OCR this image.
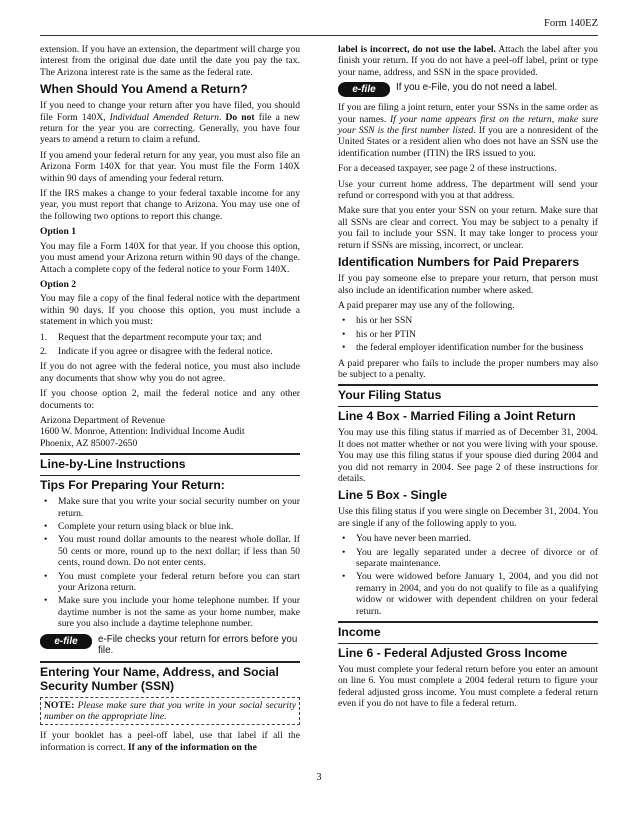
Form 140EZ

extension. If you have an extension, the department will charge you interest from the original due date until the date you pay the tax. The Arizona interest rate is the same as the federal rate.

When Should You Amend a Return?

If you need to change your return after you have filed, you should file Form 140X, Individual Amended Return. Do not file a new return for the year you are correcting. Generally, you have four years to amend a return to claim a refund.

If you amend your federal return for any year, you must also file an Arizona Form 140X for that year. You must file the Form 140X within 90 days of amending your federal return.

If the IRS makes a change to your federal taxable income for any year, you must report that change to Arizona. You may use one of the following two options to report this change.

Option 1

You may file a Form 140X for that year. If you choose this option, you must amend your Arizona return within 90 days of the change. Attach a complete copy of the federal notice to your Form 140X.

Option 2

You may file a copy of the final federal notice with the department within 90 days. If you choose this option, you must include a statement in which you must:

1. Request that the department recompute your tax; and
2. Indicate if you agree or disagree with the federal notice.

If you do not agree with the federal notice, you must also include any documents that show why you do not agree.

If you choose option 2, mail the federal notice and any other documents to:

Arizona Department of Revenue
1600 W. Monroe, Attention: Individual Income Audit
Phoenix, AZ 85007-2650
Line-by-Line Instructions
Tips For Preparing Your Return:
• Make sure that you write your social security number on your return.
• Complete your return using black or blue ink.
• You must round dollar amounts to the nearest whole dollar. If 50 cents or more, round up to the next dollar; if less than 50 cents, round down. Do not enter cents.
• You must complete your federal return before you can start your Arizona return.
• Make sure you include your home telephone number. If your daytime number is not the same as your home number, make sure you also include a daytime telephone number.
e-file	e-File checks your return for errors before you file.
Entering Your Name, Address, and Social Security Number (SSN)
NOTE: Please make sure that you write in your social security number on the appropriate line.

If your booklet has a peel-off label, use that label if all the information is correct. If any of the information on the

label is incorrect, do not use the label. Attach the label after you finish your return. If you do not have a peel-off label, print or type your name, address, and SSN in the space provided.

e-file	If you e-File, you do not need a label.

If you are filing a joint return, enter your SSNs in the same order as your names. If your name appears first on the return, make sure your SSN is the first number listed. If you are a nonresident of the United States or a resident alien who does not have an SSN use the identification number (ITIN) the IRS issued to you.

For a deceased taxpayer, see page 2 of these instructions.

Use your current home address. The department will send your refund or correspond with you at that address.

Make sure that you enter your SSN on your return. Make sure that all SSNs are clear and correct. You may be subject to a penalty if you fail to include your SSN. It may take longer to process your return if SSNs are missing, incorrect, or unclear.

Identification Numbers for Paid Preparers

If you pay someone else to prepare your return, that person must also include an identification number where asked.

A paid preparer may use any of the following.

• his or her SSN
• his or her PTIN
• the federal employer identification number for the business

A paid preparer who fails to include the proper numbers may also be subject to a penalty.

Your Filing Status
Line 4 Box - Married Filing a Joint Return

You may use this filing status if married as of December 31, 2004. It does not matter whether or not you were living with your spouse. You may use this filing status if your spouse died during 2004 and you did not remarry in 2004. See page 2 of these instructions for details.

Line 5 Box - Single

Use this filing status if you were single on December 31, 2004. You are single if any of the following apply to you.

• You have never been married.
• You are legally separated under a decree of divorce or of separate maintenance.
• You were widowed before January 1, 2004, and you did not remarry in 2004, and you do not qualify to file as a qualifying widow or widower with dependent children on your federal return.
Income
Line 6 - Federal Adjusted Gross Income

You must complete your federal return before you enter an amount on line 6. You must complete a 2004 federal return to figure your federal adjusted gross income. You must complete a federal return even if you do not have to file a federal return.

3
